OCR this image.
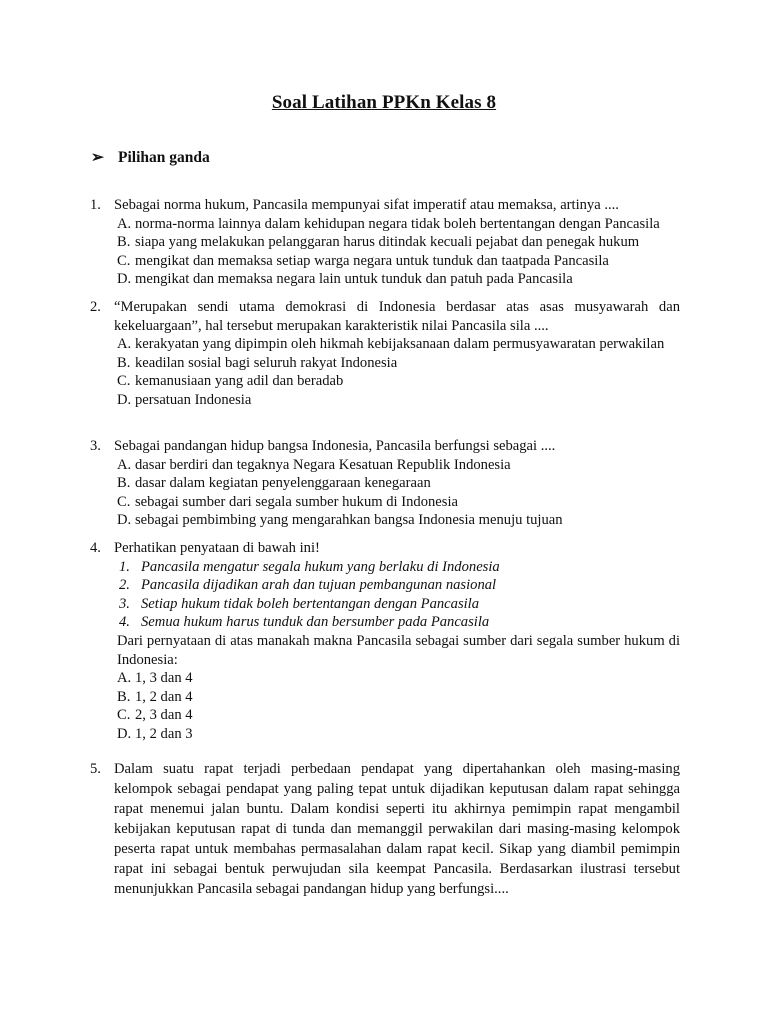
Soal Latihan PPKn Kelas 8
➢ Pilihan ganda
1. Sebagai norma hukum, Pancasila mempunyai sifat imperatif atau memaksa, artinya ....
A. norma-norma lainnya dalam kehidupan negara tidak boleh bertentangan dengan Pancasila
B. siapa yang melakukan pelanggaran harus ditindak kecuali pejabat dan penegak hukum
C. mengikat dan memaksa setiap warga negara untuk tunduk dan taatpada Pancasila
D. mengikat dan memaksa negara lain untuk tunduk dan patuh pada Pancasila
2. “Merupakan sendi utama demokrasi di Indonesia berdasar atas asas musyawarah dan kekeluargaan”, hal tersebut merupakan karakteristik nilai Pancasila sila ....
A. kerakyatan yang dipimpin oleh hikmah kebijaksanaan dalam permusyawaratan perwakilan
B. keadilan sosial bagi seluruh rakyat Indonesia
C. kemanusiaan yang adil dan beradab
D. persatuan Indonesia
3. Sebagai pandangan hidup bangsa Indonesia, Pancasila berfungsi sebagai ....
A. dasar berdiri dan tegaknya Negara Kesatuan Republik Indonesia
B. dasar dalam kegiatan penyelenggaraan kenegaraan
C. sebagai sumber dari segala sumber hukum di Indonesia
D. sebagai pembimbing yang mengarahkan bangsa Indonesia menuju tujuan
4. Perhatikan penyataan di bawah ini!
1. Pancasila mengatur segala hukum yang berlaku di Indonesia
2. Pancasila dijadikan arah dan tujuan pembangunan nasional
3. Setiap hukum tidak boleh bertentangan dengan Pancasila
4. Semua hukum harus tunduk dan bersumber pada Pancasila
Dari pernyataan di atas manakah makna Pancasila sebagai sumber dari segala sumber hukum di Indonesia:
A. 1, 3 dan 4
B. 1, 2 dan 4
C. 2, 3 dan 4
D. 1, 2 dan 3
5. Dalam suatu rapat terjadi perbedaan pendapat yang dipertahankan oleh masing-masing kelompok sebagai pendapat yang paling tepat untuk dijadikan keputusan dalam rapat sehingga rapat menemui jalan buntu. Dalam kondisi seperti itu akhirnya pemimpin rapat mengambil kebijakan keputusan rapat di tunda dan memanggil perwakilan dari masing-masing kelompok peserta rapat untuk membahas permasalahan dalam rapat kecil. Sikap yang diambil pemimpin rapat ini sebagai bentuk perwujudan sila keempat Pancasila. Berdasarkan ilustrasi tersebut menunjukkan Pancasila sebagai pandangan hidup yang berfungsi....
